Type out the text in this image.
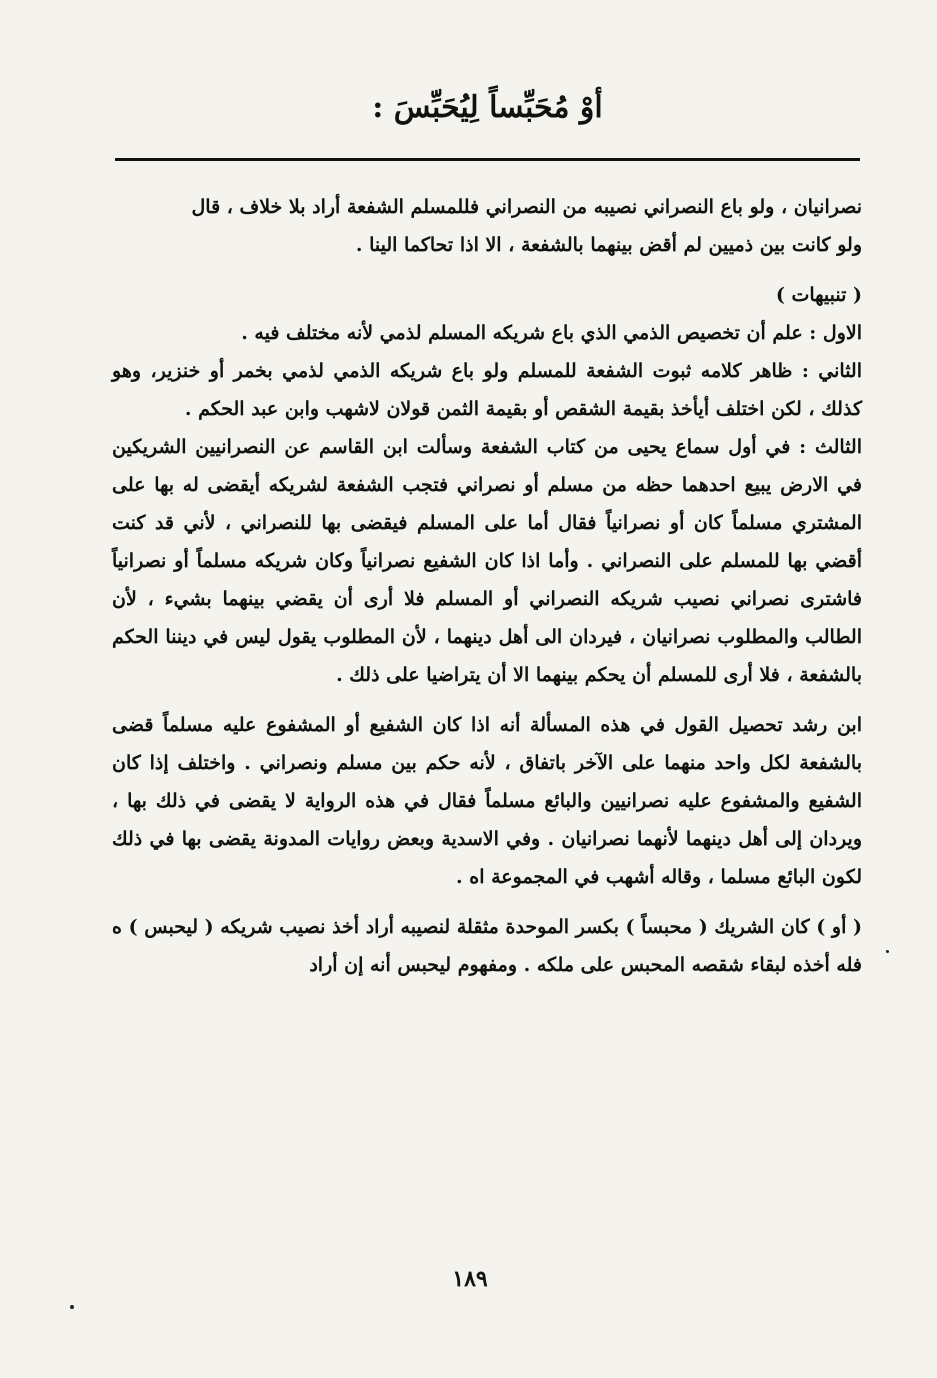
أوْ مُحَبِّساً لِيُحَبِّسَ :

نصرانيان ، ولو باع النصراني نصيبه من النصراني فللمسلم الشفعة أراد بلا خلاف ، قال

ولو كانت بين ذميين لم أقض بينهما بالشفعة ، الا اذا تحاكما الينا .

( تنبيهات )

الاول : علم أن تخصيص الذمي الذي باع شريكه المسلم لذمي لأنه مختلف فيه .

الثاني : ظاهر كلامه ثبوت الشفعة للمسلم ولو باع شريكه الذمي لذمي بخمر أو خنزير، وهو كذلك ، لكن اختلف أيأخذ بقيمة الشقص أو بقيمة الثمن قولان لاشهب وابن عبد الحكم .

الثالث : في أول سماع يحيى من كتاب الشفعة وسألت ابن القاسم عن النصرانيين الشريكين في الارض يبيع احدهما حظه من مسلم أو نصراني فتجب الشفعة لشريكه أيقضى له بها على المشتري مسلماً كان أو نصرانياً فقال أما على المسلم فيقضى بها للنصراني ، لأني قد كنت أقضي بها للمسلم على النصراني . وأما اذا كان الشفيع نصرانياً وكان شريكه مسلماً أو نصرانياً فاشترى نصراني نصيب شريكه النصراني أو المسلم فلا أرى أن يقضي بينهما بشيء ، لأن الطالب والمطلوب نصرانيان ، فيردان الى أهل دينهما ، لأن المطلوب يقول ليس في ديننا الحكم بالشفعة ، فلا أرى للمسلم أن يحكم بينهما الا أن يتراضيا على ذلك .

ابن رشد تحصيل القول في هذه المسألة أنه اذا كان الشفيع أو المشفوع عليه مسلماً قضى بالشفعة لكل واحد منهما على الآخر باتفاق ، لأنه حكم بين مسلم ونصراني . واختلف إذا كان الشفيع والمشفوع عليه نصرانيين والبائع مسلماً فقال في هذه الرواية لا يقضى في ذلك بها ، ويردان إلى أهل دينهما لأنهما نصرانيان . وفي الاسدية وبعض روايات المدونة يقضى بها في ذلك لكون البائع مسلما ، وقاله أشهب في المجموعة اه .

( أو ) كان الشريك ( محبساً ) بكسر الموحدة مثقلة لنصيبه أراد أخذ نصيب شريكه ( ليحبس ) ه فله أخذه لبقاء شقصه المحبس على ملكه . ومفهوم ليحبس أنه إن أراد

١٨٩
